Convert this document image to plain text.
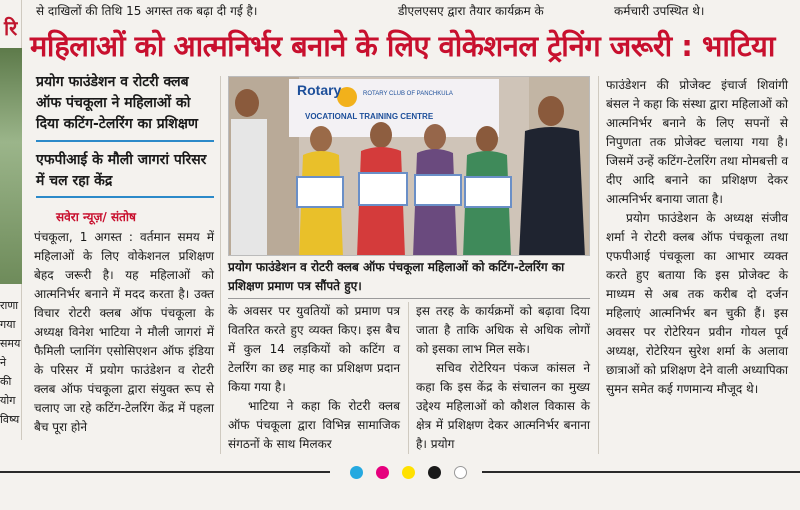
रि
राणा
गया
समय
ने
की
योग
विष्य
से दाखिलों की तिथि 15 अगस्त तक बढ़ा दी गई है।	डीएलएसए द्वारा तैयार कार्यक्रम के	कर्मचारी उपस्थित थे।
महिलाओं को आत्मनिर्भर बनाने के लिए वोकेशनल ट्रेनिंग जरूरी : भाटिया
प्रयोग फाउंडेशन व रोटरी क्लब ऑफ पंचकूला ने महिलाओं को दिया कटिंग-टेलरिंग का प्रशिक्षण
एफपीआई के मौली जागरां परिसर में चल रहा केंद्र
सवेरा न्यूज़/ संतोष

पंचकूला, 1 अगस्त : वर्तमान समय में महिलाओं के लिए वोकेशनल प्रशिक्षण बेहद जरूरी है। यह महिलाओं को आत्मनिर्भर बनाने में मदद करता है। उक्त विचार रोटरी क्लब ऑफ पंचकूला के अध्यक्ष विनेश भाटिया ने मौली जागरां में फैमिली प्लानिंग एसोसिएशन ऑफ इंडिया के परिसर में प्रयोग फाउंडेशन व रोटरी क्लब ऑफ पंचकूला द्वारा संयुक्त रूप से चलाए जा रहे कटिंग-टेलरिंग केंद्र में पहला बैच पूरा होने

Rotary	ROTARY CLUB OF PANCHKULA
VOCATIONAL TRAINING CENTRE
प्रयोग फाउंडेशन व रोटरी क्लब ऑफ पंचकूला महिलाओं को कटिंग-टेलरिंग का प्रशिक्षण प्रमाण पत्र सौंपते हुए।

के अवसर पर युवतियों को प्रमाण पत्र वितरित करते हुए व्यक्त किए। इस बैच में कुल 14 लड़कियों को कटिंग व टेलरिंग का छह माह का प्रशिक्षण प्रदान किया गया है।

भाटिया ने कहा कि रोटरी क्लब ऑफ पंचकूला द्वारा विभिन्न सामाजिक संगठनों के साथ मिलकर

इस तरह के कार्यक्रमों को बढ़ावा दिया जाता है ताकि अधिक से अधिक लोगों को इसका लाभ मिल सके।

सचिव रोटेरियन पंकज कांसल ने कहा कि इस केंद्र के संचालन का मुख्य उद्देश्य महिलाओं को कौशल विकास के क्षेत्र में प्रशिक्षण देकर आत्मनिर्भर बनाना है। प्रयोग

फाउंडेशन की प्रोजेक्ट इंचार्ज शिवांगी बंसल ने कहा कि संस्था द्वारा महिलाओं को आत्मनिर्भर बनाने के लिए सपनों से निपुणता तक प्रोजेक्ट चलाया गया है। जिसमें उन्हें कटिंग-टेलरिंग तथा मोमबत्ती व दीए आदि बनाने का प्रशिक्षण देकर आत्मनिर्भर बनाया जाता है।

प्रयोग फाउंडेशन के अध्यक्ष संजीव शर्मा ने रोटरी क्लब ऑफ पंचकूला तथा एफपीआई पंचकूला का आभार व्यक्त करते हुए बताया कि इस प्रोजेक्ट के माध्यम से अब तक करीब दो दर्जन महिलाएं आत्मनिर्भर बन चुकी हैं। इस अवसर पर रोटेरियन प्रवीन गोयल पूर्व अध्यक्ष, रोटेरियन सुरेश शर्मा के अलावा छात्राओं को प्रशिक्षण देने वाली अध्यापिका सुमन समेत कई गणमान्य मौजूद थे।
